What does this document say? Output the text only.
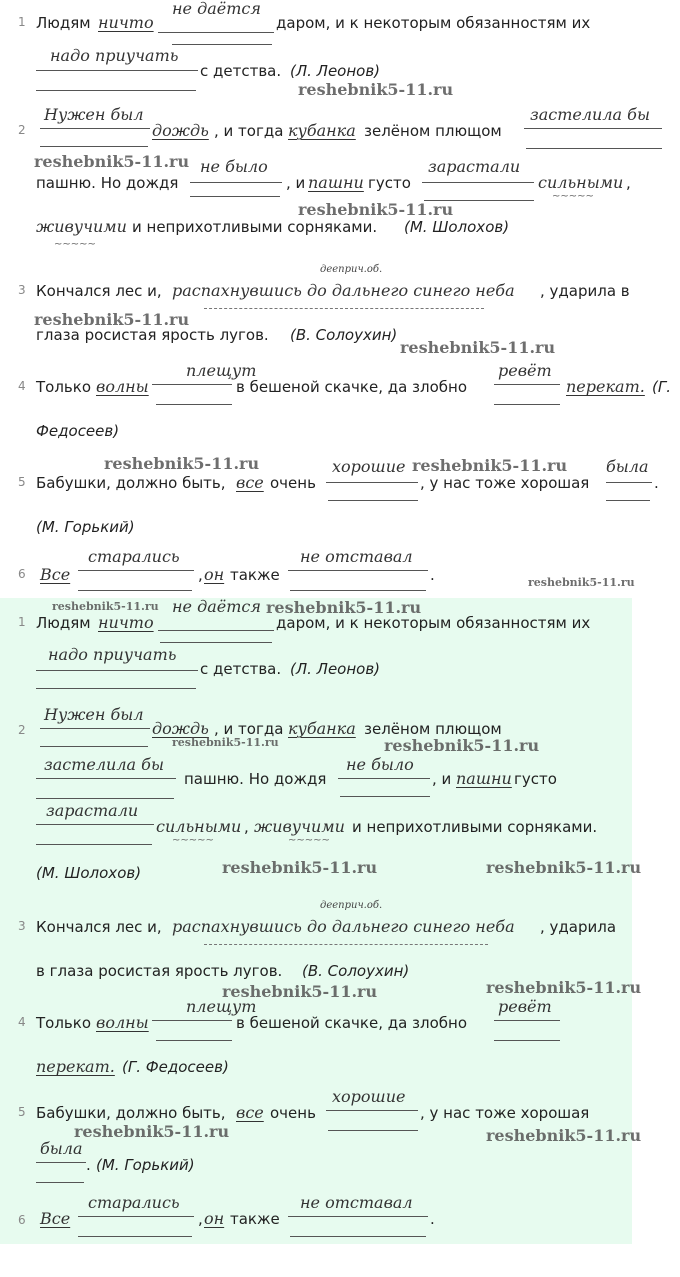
1
не даётся
Людям ничто	даром, и к некоторым обязанностям их
надо приучать
с детства. (Л. Леонов)
reshebnik5-11.ru
2
Нужен был
дождь , и тогда кубанка зелёном плющом
застелила бы
reshebnik5-11.ru не было	зарастали
пашню. Но дождя	, и пашни густо	сильными ,
~~~~~
reshebnik5-11.ru
живучими и неприхотливыми сорняками. (М. Шолохов)
~~~~~
дееприч.об.
3 Кончался лес и, распахнувшись до дальнего синего неба , ударила в
reshebnik5-11.ru
глаза росистая ярость лугов. (В. Солоухин)
reshebnik5-11.ru
плещут	ревёт
4 Только волны	в бешеной скачке, да злобно	перекат. (Г.
Федосеев)
reshebnik5-11.ru	хорошие reshebnik5-11.ru была
5 Бабушки, должно быть, все очень	, у нас тоже хорошая	.
(М. Горький)
старались	не отставал
6 Все	, он также	.	reshebnik5-11.ru
reshebnik5-11.ru не даётся reshebnik5-11.ru
1 Людям ничто	даром, и к некоторым обязанностям их
надо приучать
с детства. (Л. Леонов)
Нужен был
2	дождь , и тогда кубанка зелёном плющом
reshebnik5-11.ru	reshebnik5-11.ru
застелила бы	не было
пашню. Но дождя	, и пашни густо
зарастали
сильными , живучими и неприхотливыми сорняками.
~~~~~	~~~~~
(М. Шолохов)	reshebnik5-11.ru	reshebnik5-11.ru
дееприч.об.
3 Кончался лес и, распахнувшись до дальнего синего неба , ударила
в глаза росистая ярость лугов. (В. Солоухин)
reshebnik5-11.ru	reshebnik5-11.ru
плещут	ревёт
4 Только волны	в бешеной скачке, да злобно
перекат. (Г. Федосеев)
хорошие
5 Бабушки, должно быть, все очень	, у нас тоже хорошая
reshebnik5-11.ru	reshebnik5-11.ru
была
. (М. Горький)
старались	не отставал
6 Все	, он также	.
